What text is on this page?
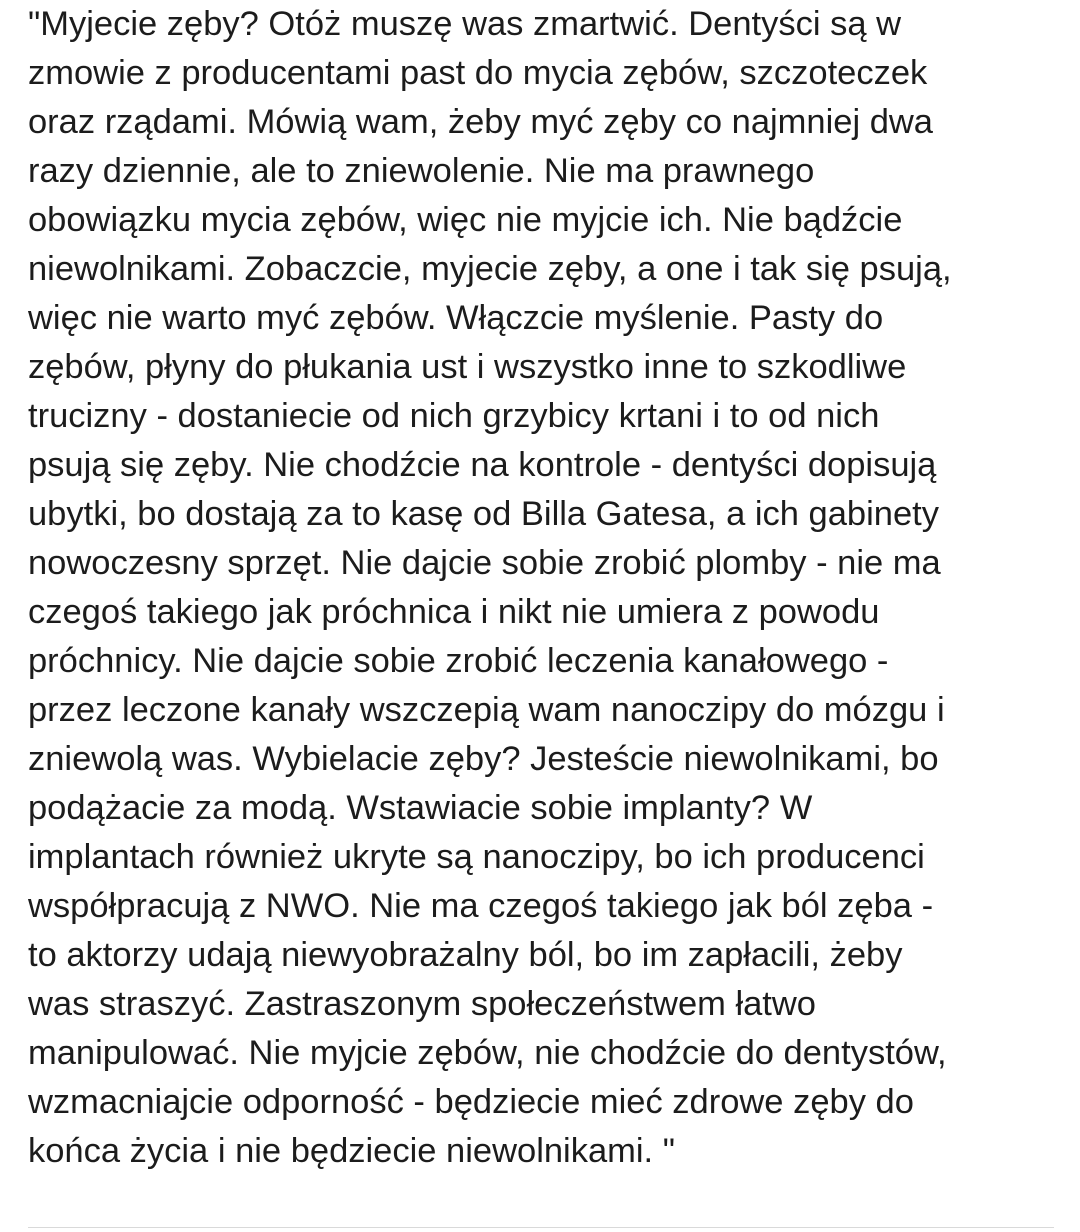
"Myjecie zęby? Otóż muszę was zmartwić. Dentyści są w
zmowie z producentami past do mycia zębów, szczoteczek
oraz rządami. Mówią wam, żeby myć zęby co najmniej dwa
razy dziennie, ale to zniewolenie. Nie ma prawnego
obowiązku mycia zębów, więc nie myjcie ich. Nie bądźcie
niewolnikami. Zobaczcie, myjecie zęby, a one i tak się psują,
więc nie warto myć zębów. Włączcie myślenie. Pasty do
zębów, płyny do płukania ust i wszystko inne to szkodliwe
trucizny - dostaniecie od nich grzybicy krtani i to od nich
psują się zęby. Nie chodźcie na kontrole - dentyści dopisują
ubytki, bo dostają za to kasę od Billa Gatesa, a ich gabinety
nowoczesny sprzęt. Nie dajcie sobie zrobić plomby - nie ma
czegoś takiego jak próchnica i nikt nie umiera z powodu
próchnicy. Nie dajcie sobie zrobić leczenia kanałowego -
przez leczone kanały wszczepią wam nanoczipy do mózgu i
zniewolą was. Wybielacie zęby? Jesteście niewolnikami, bo
podążacie za modą. Wstawiacie sobie implanty? W
implantach również ukryte są nanoczipy, bo ich producenci
współpracują z NWO. Nie ma czegoś takiego jak ból zęba -
to aktorzy udają niewyobrażalny ból, bo im zapłacili, żeby
was straszyć. Zastraszonym społeczeństwem łatwo
manipulować. Nie myjcie zębów, nie chodźcie do dentystów,
wzmacniajcie odporność - będziecie mieć zdrowe zęby do
końca życia i nie będziecie niewolnikami. "
